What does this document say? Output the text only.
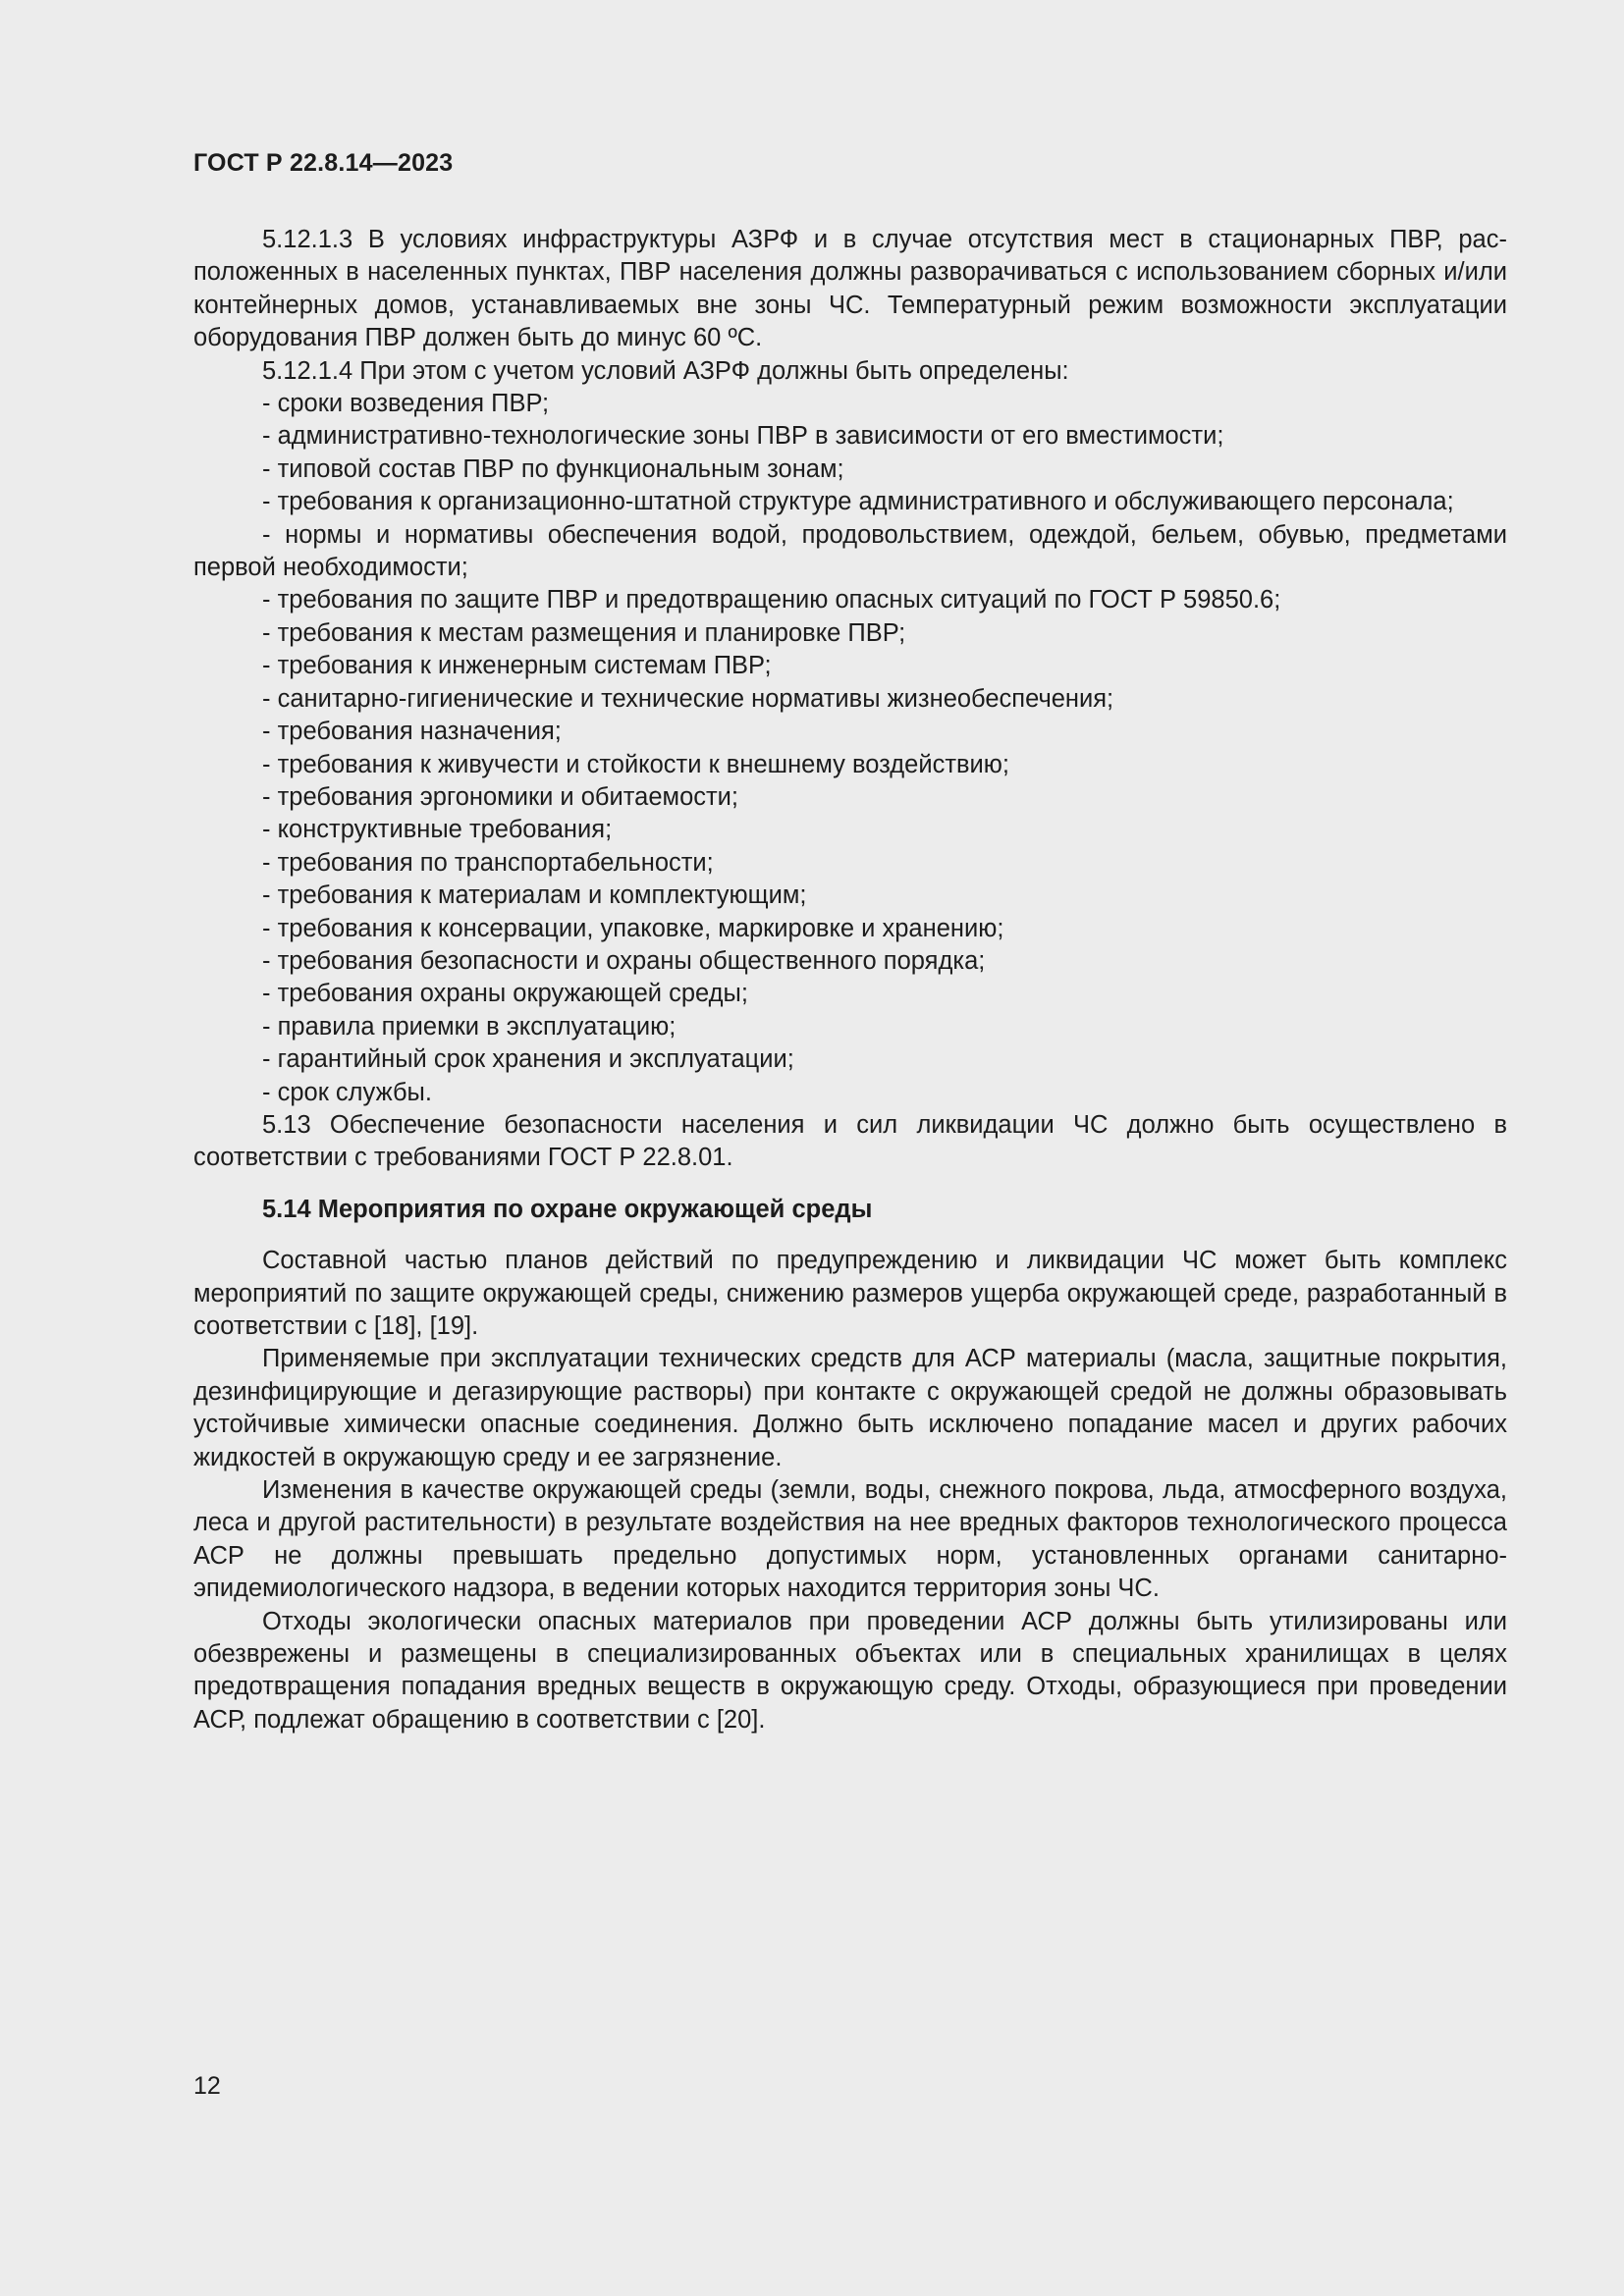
ГОСТ Р 22.8.14—2023

5.12.1.3 В условиях инфраструктуры АЗРФ и в случае отсутствия мест в стационарных ПВР, расположенных в населенных пунктах, ПВР населения должны разворачиваться с использованием сборных и/или контейнерных домов, устанавливаемых вне зоны ЧС. Температурный режим возможности эксплуатации оборудования ПВР должен быть до минус 60 ºС.

5.12.1.4 При этом с учетом условий АЗРФ должны быть определены:

- сроки возведения ПВР;

- административно-технологические зоны ПВР в зависимости от его вместимости;

- типовой состав ПВР по функциональным зонам;

- требования к организационно-штатной структуре административного и обслуживающего персонала;

- нормы и нормативы обеспечения водой, продовольствием, одеждой, бельем, обувью, предметами первой необходимости;

- требования по защите ПВР и предотвращению опасных ситуаций по ГОСТ Р 59850.6;

- требования к местам размещения и планировке ПВР;

- требования к инженерным системам ПВР;

- санитарно-гигиенические и технические нормативы жизнеобеспечения;

- требования назначения;

- требования к живучести и стойкости к внешнему воздействию;

- требования эргономики и обитаемости;

- конструктивные требования;

- требования по транспортабельности;

- требования к материалам и комплектующим;

- требования к консервации, упаковке, маркировке и хранению;

- требования безопасности и охраны общественного порядка;

- требования охраны окружающей среды;

- правила приемки в эксплуатацию;

- гарантийный срок хранения и эксплуатации;

- срок службы.

5.13 Обеспечение безопасности населения и сил ликвидации ЧС должно быть осуществлено в соответствии с требованиями ГОСТ Р 22.8.01.

5.14 Мероприятия по охране окружающей среды

Составной частью планов действий по предупреждению и ликвидации ЧС может быть комплекс мероприятий по защите окружающей среды, снижению размеров ущерба окружающей среде, разработанный в соответствии с [18], [19].

Применяемые при эксплуатации технических средств для АСР материалы (масла, защитные покрытия, дезинфицирующие и дегазирующие растворы) при контакте с окружающей средой не должны образовывать устойчивые химически опасные соединения. Должно быть исключено попадание масел и других рабочих жидкостей в окружающую среду и ее загрязнение.

Изменения в качестве окружающей среды (земли, воды, снежного покрова, льда, атмосферного воздуха, леса и другой растительности) в результате воздействия на нее вредных факторов технологического процесса АСР не должны превышать предельно допустимых норм, установленных органами санитарно-эпидемиологического надзора, в ведении которых находится территория зоны ЧС.

Отходы экологически опасных материалов при проведении АСР должны быть утилизированы или обезврежены и размещены в специализированных объектах или в специальных хранилищах в целях предотвращения попадания вредных веществ в окружающую среду. Отходы, образующиеся при проведении АСР, подлежат обращению в соответствии с [20].

12
